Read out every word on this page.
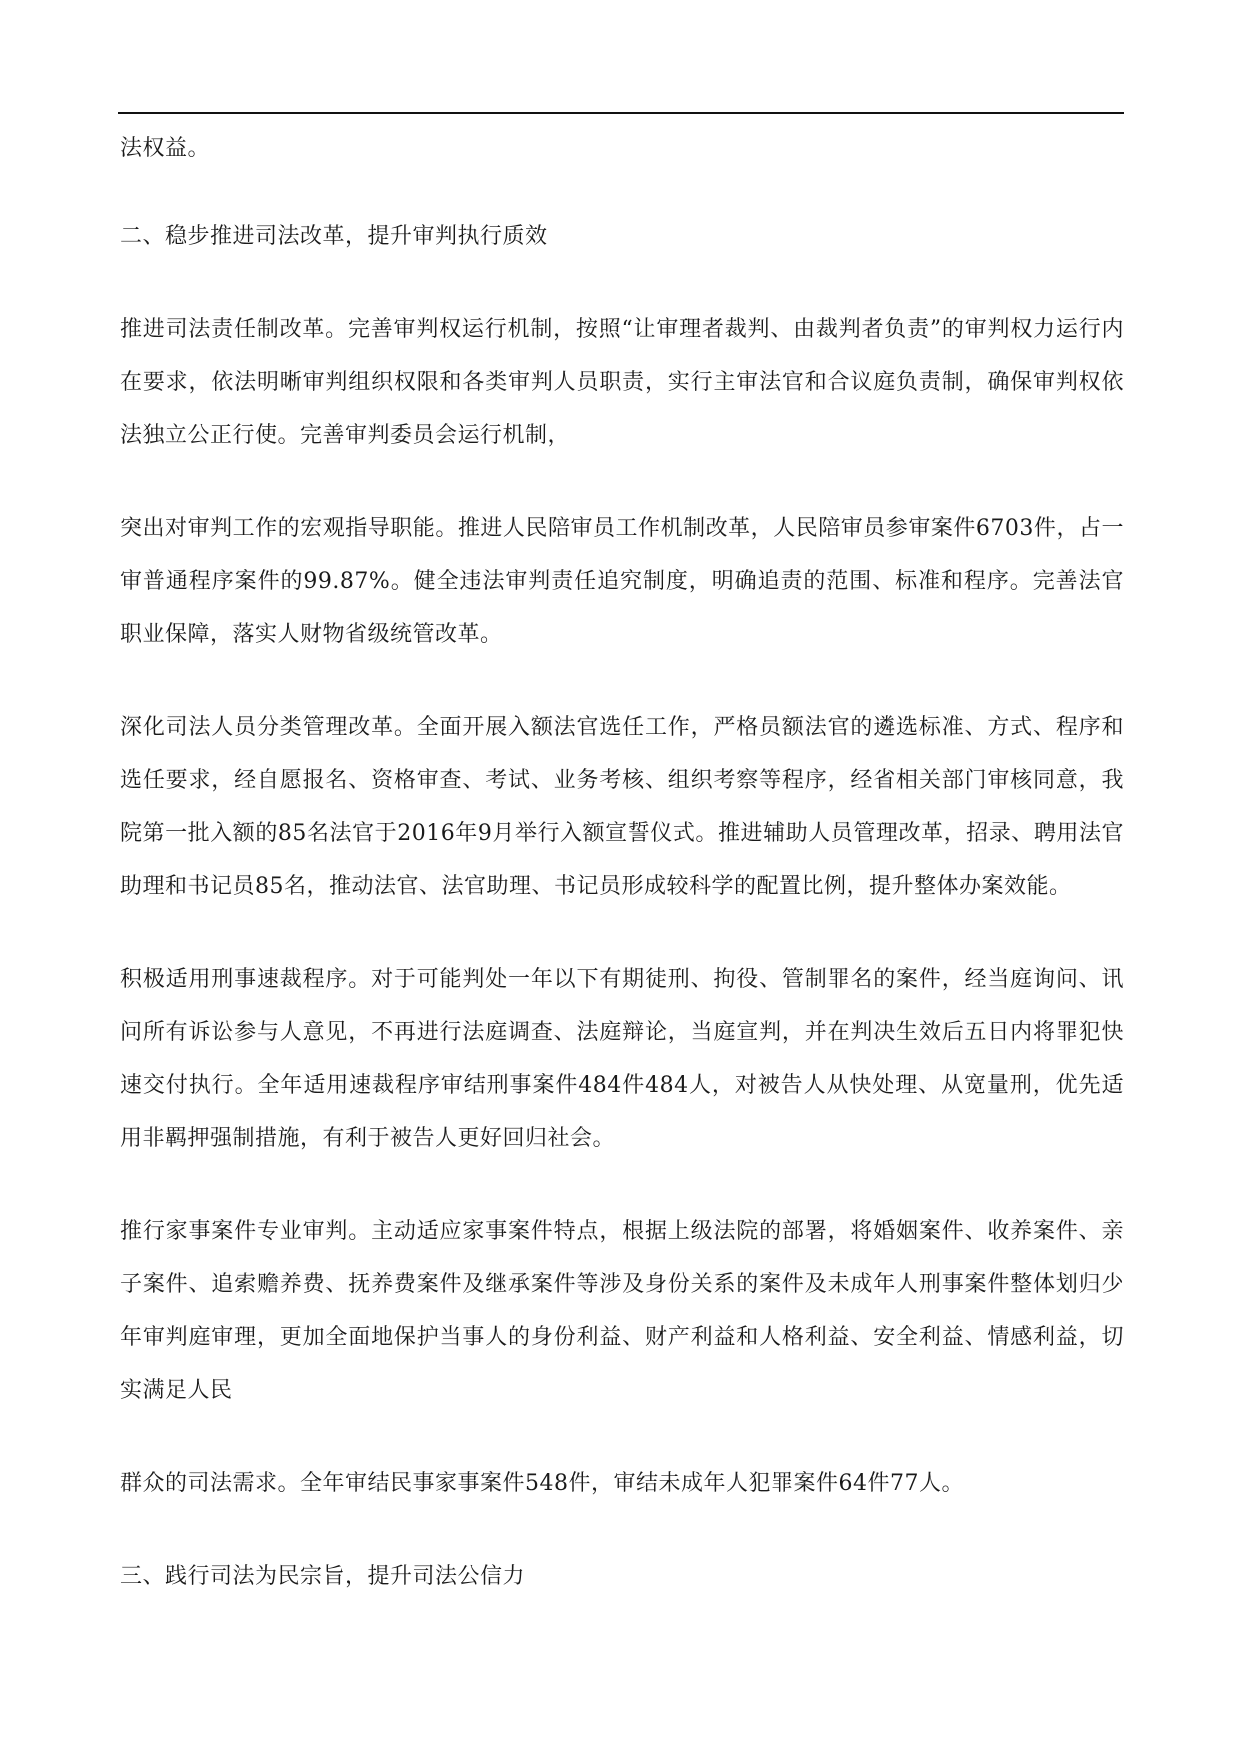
法权益。

二、稳步推进司法改革，提升审判执行质效

推进司法责任制改革。完善审判权运行机制，按照“让审理者裁判、由裁判者负责”的审判权力运行内在要求，依法明晰审判组织权限和各类审判人员职责，实行主审法官和合议庭负责制，确保审判权依法独立公正行使。完善审判委员会运行机制，

突出对审判工作的宏观指导职能。推进人民陪审员工作机制改革，人民陪审员参审案件6703件，占一审普通程序案件的99.87%。健全违法审判责任追究制度，明确追责的范围、标准和程序。完善法官职业保障，落实人财物省级统管改革。

深化司法人员分类管理改革。全面开展入额法官选任工作，严格员额法官的遴选标准、方式、程序和选任要求，经自愿报名、资格审查、考试、业务考核、组织考察等程序，经省相关部门审核同意，我院第一批入额的85名法官于2016年9月举行入额宣誓仪式。推进辅助人员管理改革，招录、聘用法官助理和书记员85名，推动法官、法官助理、书记员形成较科学的配置比例，提升整体办案效能。

积极适用刑事速裁程序。对于可能判处一年以下有期徒刑、拘役、管制罪名的案件，经当庭询问、讯问所有诉讼参与人意见，不再进行法庭调查、法庭辩论，当庭宣判，并在判决生效后五日内将罪犯快速交付执行。全年适用速裁程序审结刑事案件484件484人，对被告人从快处理、从宽量刑，优先适用非羁押强制措施，有利于被告人更好回归社会。

推行家事案件专业审判。主动适应家事案件特点，根据上级法院的部署，将婚姻案件、收养案件、亲子案件、追索赡养费、抚养费案件及继承案件等涉及身份关系的案件及未成年人刑事案件整体划归少年审判庭审理，更加全面地保护当事人的身份利益、财产利益和人格利益、安全利益、情感利益，切实满足人民

群众的司法需求。全年审结民事家事案件548件，审结未成年人犯罪案件64件77人。

三、践行司法为民宗旨，提升司法公信力
